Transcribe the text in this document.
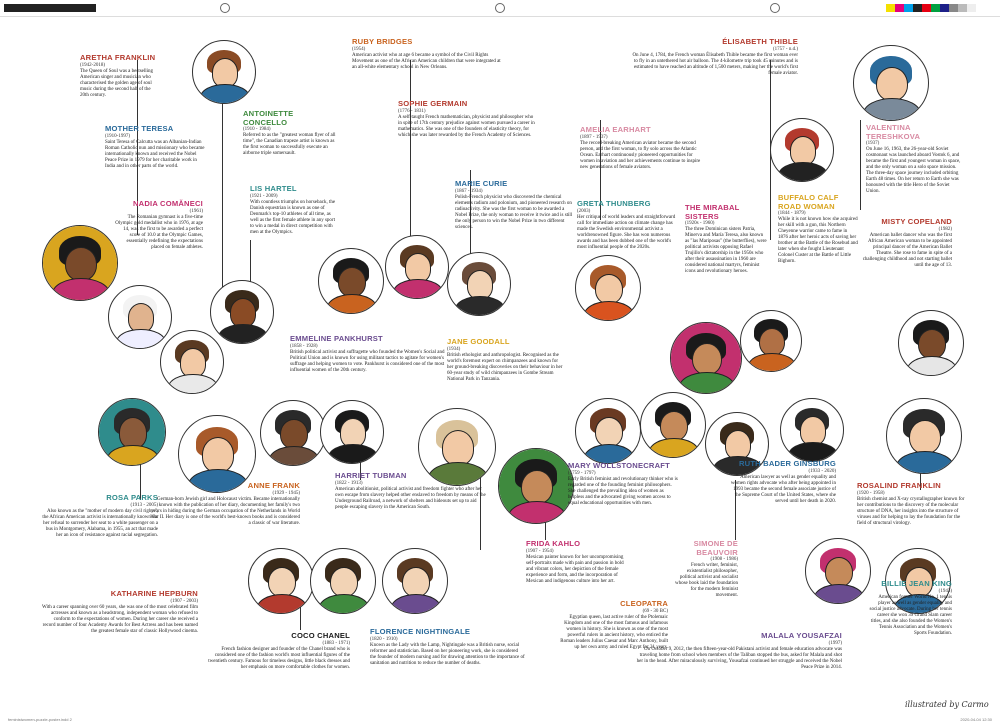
ARETHA FRANKLIN
(1942-2018)
The Queen of Soul was a bestselling American singer and musician who characterised the golden age of soul music during the second half of the 20th century.
MOTHER TERESA
(1910-1997)
Saint Teresa of Calcutta was an Albanian-Indian Roman Catholic nun and missionary who became internationally known and received the Nobel Peace Prize in 1979 for her charitable work in India and in other parts of the world.
NADIA COMĂNECI
(1961)
The Romanian gymnast is a five-time Olympic gold medallist who in 1976, at age 14, was the first to be awarded a perfect score of 10.0 at the Olympic Games, essentially redefining the expectations placed on female athletes.
ANTOINETTE CONCELLO
(1910 - 1984)
Referred to as the "greatest woman flyer of all time", the Canadian trapeze artist is known as the first woman to successfully execute an airborne triple somersault.
LIS HARTEL
(1921 - 2009)
With countless triumphs on horseback, the Danish equestrian is known as one of Denmark's top-10 athletes of all time, as well as the first female athlete in any sport to win a medal in direct competition with men at the Olympics.
RUBY BRIDGES
(1954)
American activist who at age 6 became a symbol of the Civil Rights Movement as one of the African American children that were integrated at an all-white elementary school in New Orleans.
SOPHIE GERMAIN
(1776 - 1831)
A self-taught French mathematician, physicist and philosopher who in spite of 17th century prejudice against women pursued a career in mathematics. She was one of the founders of elasticity theory, for which she was later rewarded by the French Academy of Sciences.
MARIE CURIE
(1867 - 1934)
Polish-French physicist who discovered the chemical elements radium and polonium, and pioneered research on radioactivity. She was the first woman to be awarded a Nobel Prize, the only woman to receive it twice and is still the only person to win the Nobel Prize in two different sciences.
EMMELINE PANKHURST
(1858 - 1928)
British political activist and suffragette who founded the Women's Social and Political Union and is known for using militant tactics to agitate for women's suffrage and helping women to vote. Pankhurst is considered one of the most influential women of the 20th century.
JANE GOODALL
(1934)
British ethologist and anthropologist. Recognised as the world's foremost expert on chimpanzees and known for her ground-breaking discoveries on their behaviour in her 60-year study of wild chimpanzees in Gombe Stream National Park in Tanzania.
AMELIA EARHART
(1897 - 1937)
The record-breaking American aviator became the second person, and the first woman, to fly solo across the Atlantic Ocean. Earhart continuously pioneered opportunities for women in aviation and her achievements continue to inspire new generations of female aviators.
ÉLISABETH THIBLE
(1757 - n.d.)
On June 4, 1784, the French woman Élisabeth Thible became the first woman ever to fly in an untethered hot air balloon. The 4-kilometre trip took 45 minutes and is estimated to have reached an altitude of 1,500 meters, making her the world's first female aviator.
GRETA THUNBERG
(2003)
Her critique of world leaders and straightforward call for immediate action on climate change has made the Swedish environmental activist a worldrenowned figure. She has won numerous awards and has been dubbed one of the world's most influential people of the 2020s.
THE MIRABAL SISTERS
(1920s - 1960)
The three Dominican sisters Patria, Minerva and María Teresa, also known as "las Mariposas" (the butterflies), were political activists opposing Rafael Trujillo's dictatorship in the 1950s who after their assassination in 1960 are considered national martyrs, feminist icons and revolutionary heroes.
BUFFALO CALF ROAD WOMAN
(1844 - 1879)
While it is not known how she acquired her skill with a gun, this Northern Cheyenne warrior came to fame in 1876 after her heroic acts of saving her brother at the Battle of the Rosebud and later when she fought Lieutenant Colonel Custer at the Battle of Little Bighorn.
VALENTINA TERESHKOVA
(1937)
On June 16, 1963, the 26-year-old Soviet cosmonaut was launched aboard Vostok 6, and became the first and youngest woman in space, and the only woman on a solo space mission. The three-day space journey included orbiting Earth 48 times. On her return to Earth she was honoured with the title Hero of the Soviet Union.
MISTY COPELAND
(1982)
American ballet dancer who was the first African American woman to be appointed principal dancer of the American Ballet Theatre. She rose to fame in spite of a challenging childhood and not starting ballet until the age of 13.
ROSA PARKS
(1913 - 2005)
Also known as the "mother of modern day civil rights", the African American activist is internationally known for her refusal to surrender her seat to a white passenger on a bus in Montgomery, Alabama, in 1955, an act that made her an icon of resistance against racial segregation.
ANNE FRANK
(1929 - 1945)
German-born Jewish girl and Holocaust victim. Became internationally known with the publication of her diary, documenting her family's two years in hiding during the German occupation of the Netherlands in World War II. Her diary is one of the world's best-known books and is considered a classic of war literature.
HARRIET TUBMAN
(1822 - 1913)
American abolitionist, political activist and freedom fighter who after her own escape from slavery helped other enslaved to freedom by means of the Underground Railroad, a network of shelters and hideouts set up to aid people escaping slavery in the American South.
KATHARINE HEPBURN
(1907 - 2003)
With a career spanning over 60 years, she was one of the most celebrated film actresses and known as a headstrong, independent woman who refused to conform to the expectations of women. During her career she received a record number of four Academy Awards for Best Actress and has been named the greatest female star of classic Hollywood cinema.	COCO CHANEL
(1883 - 1971)
French fashion designer and founder of the Chanel brand who is considered one of the fashion world's most influential figures of the twentieth century. Famous for timeless designs, little black dresses and her emphasis on more comfortable clothes for women.
FLORENCE NIGHTINGALE
(1820 - 1910)
Known as the Lady with the Lamp, Nightingale was a British nurse, social reformer and statistician. Based on her pioneering work, she is considered the founder of modern nursing and for drawing attention to the importance of sanitation and nutrition to reduce the number of deaths.
MARY WOLLSTONECRAFT
(1759 - 1797)
Early British feminist and revolutionary thinker who is regarded one of the founding feminist philosophers. She challenged the prevailing idea of women as helpless and the advocated giving women access to equal educational opportunities with men.
FRIDA KAHLO
(1907 - 1954)
Mexican painter known for her uncompromising self-portraits made with pain and passion in bold and vibrant colors, her depiction of the female experience and form, and the incorporation of Mexican and indigenous culture into her art.
CLEOPATRA
(69 - 30 BC)
Egyptian queen, last active ruler of the Ptolemaic Kingdom and one of the most famous and infamous women in history. She is known as one of the most powerful rulers in ancient history, who enticed the Roman leaders Julius Caesar and Marc Anthony, built up her own army and ruled Egypt for 21 years.
SIMONE DE BEAUVOIR
(1908 - 1986)
French writer, feminist, existentialist philosopher, political activist and socialist whose book laid the foundation for the modern feminist movement.
RUTH BADER GINSBURG
(1933 - 2020)
American lawyer as well as gender equality and women rights advocate who after being appointed in 1993 became the second female associate justice of the Supreme Court of the United States, where she served until her death in 2020.
ROSALIND FRANKLIN
(1920 - 1958)
British chemist and X-ray crystallographer known for her contributions to the discovery of the molecular structure of DNA, her insights into the structure of viruses and for helping to lay the foundation for the field of structural virology.
BILLIE JEAN KING
(1943)
American former World No. 1 tennis player as well as gender equality and social justice advocate. During her tennis career she won 39 Grand Slam career titles, and she also founded the Women's Tennis Association and the Women's Sports Foundation.
MALALA YOUSAFZAI
(1997)
On October 9, 2012, the then fifteen-year-old Pakistani activist and female education advocate was traveling home from school when members of the Taliban stopped the bus, asked for Malala and shot her in the head. After miraculously surviving, Yousafzai continued her struggle and received the Nobel Peace Prize in 2014.
illustrated by Carmo
feministwomen-puzzle-poster.indd 2	2020-04-04 12:30
